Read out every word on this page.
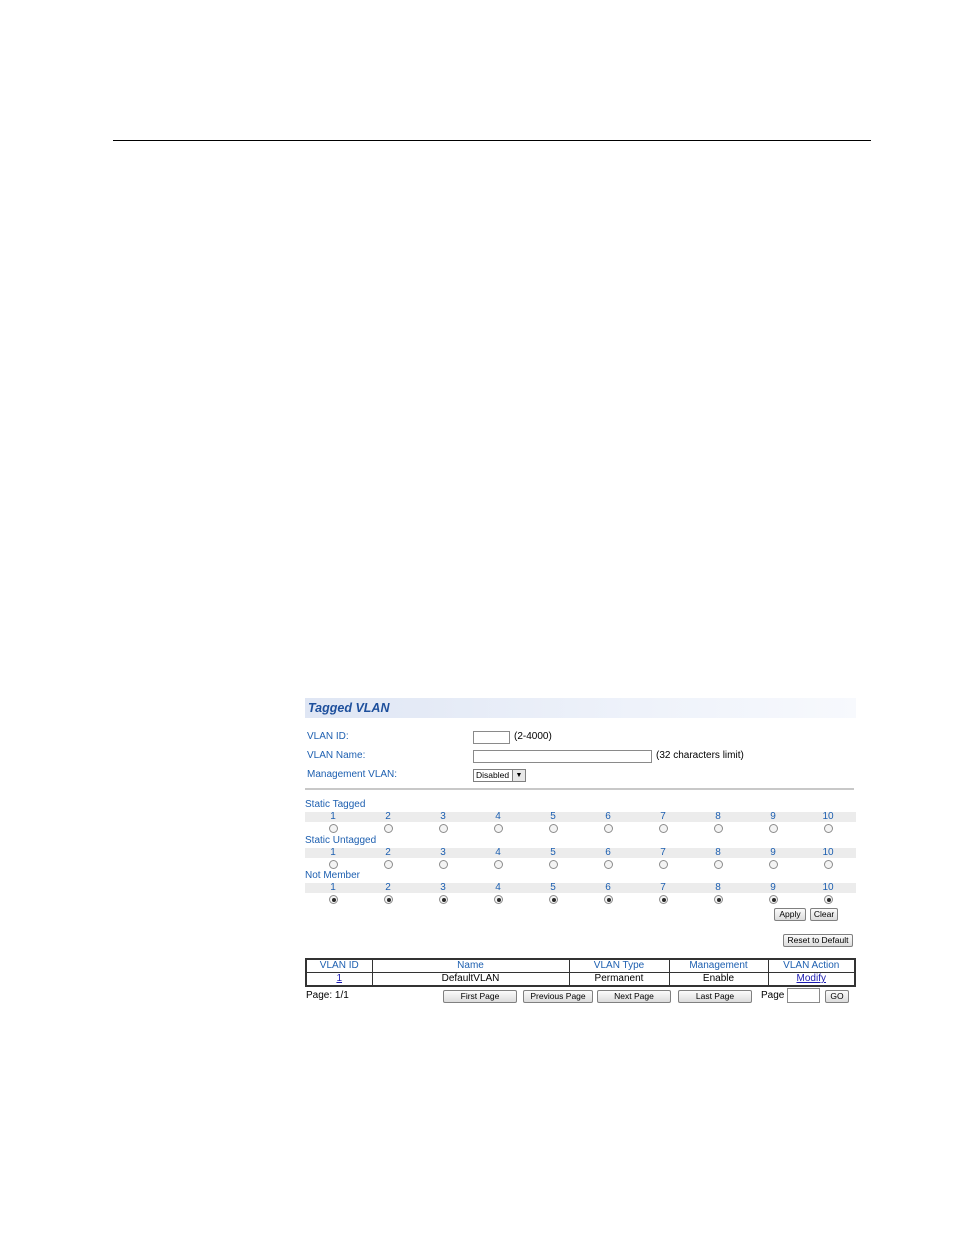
Tagged VLAN
VLAN ID:	(2-4000)
VLAN Name:	(32 characters limit)
Management VLAN:	Disabled ▼
Static Tagged
1	2	3	4	5	6	7	8	9	10
Static Untagged
1	2	3	4	5	6	7	8	9	10
Not Member
1	2	3	4	5	6	7	8	9	10
Apply	Clear
Reset to Default
VLAN ID	Name	VLAN Type	Management	VLAN Action
1	DefaultVLAN	Permanent	Enable	Modify
Page: 1/1	First Page	Previous Page	Next Page	Last Page	Page	GO
